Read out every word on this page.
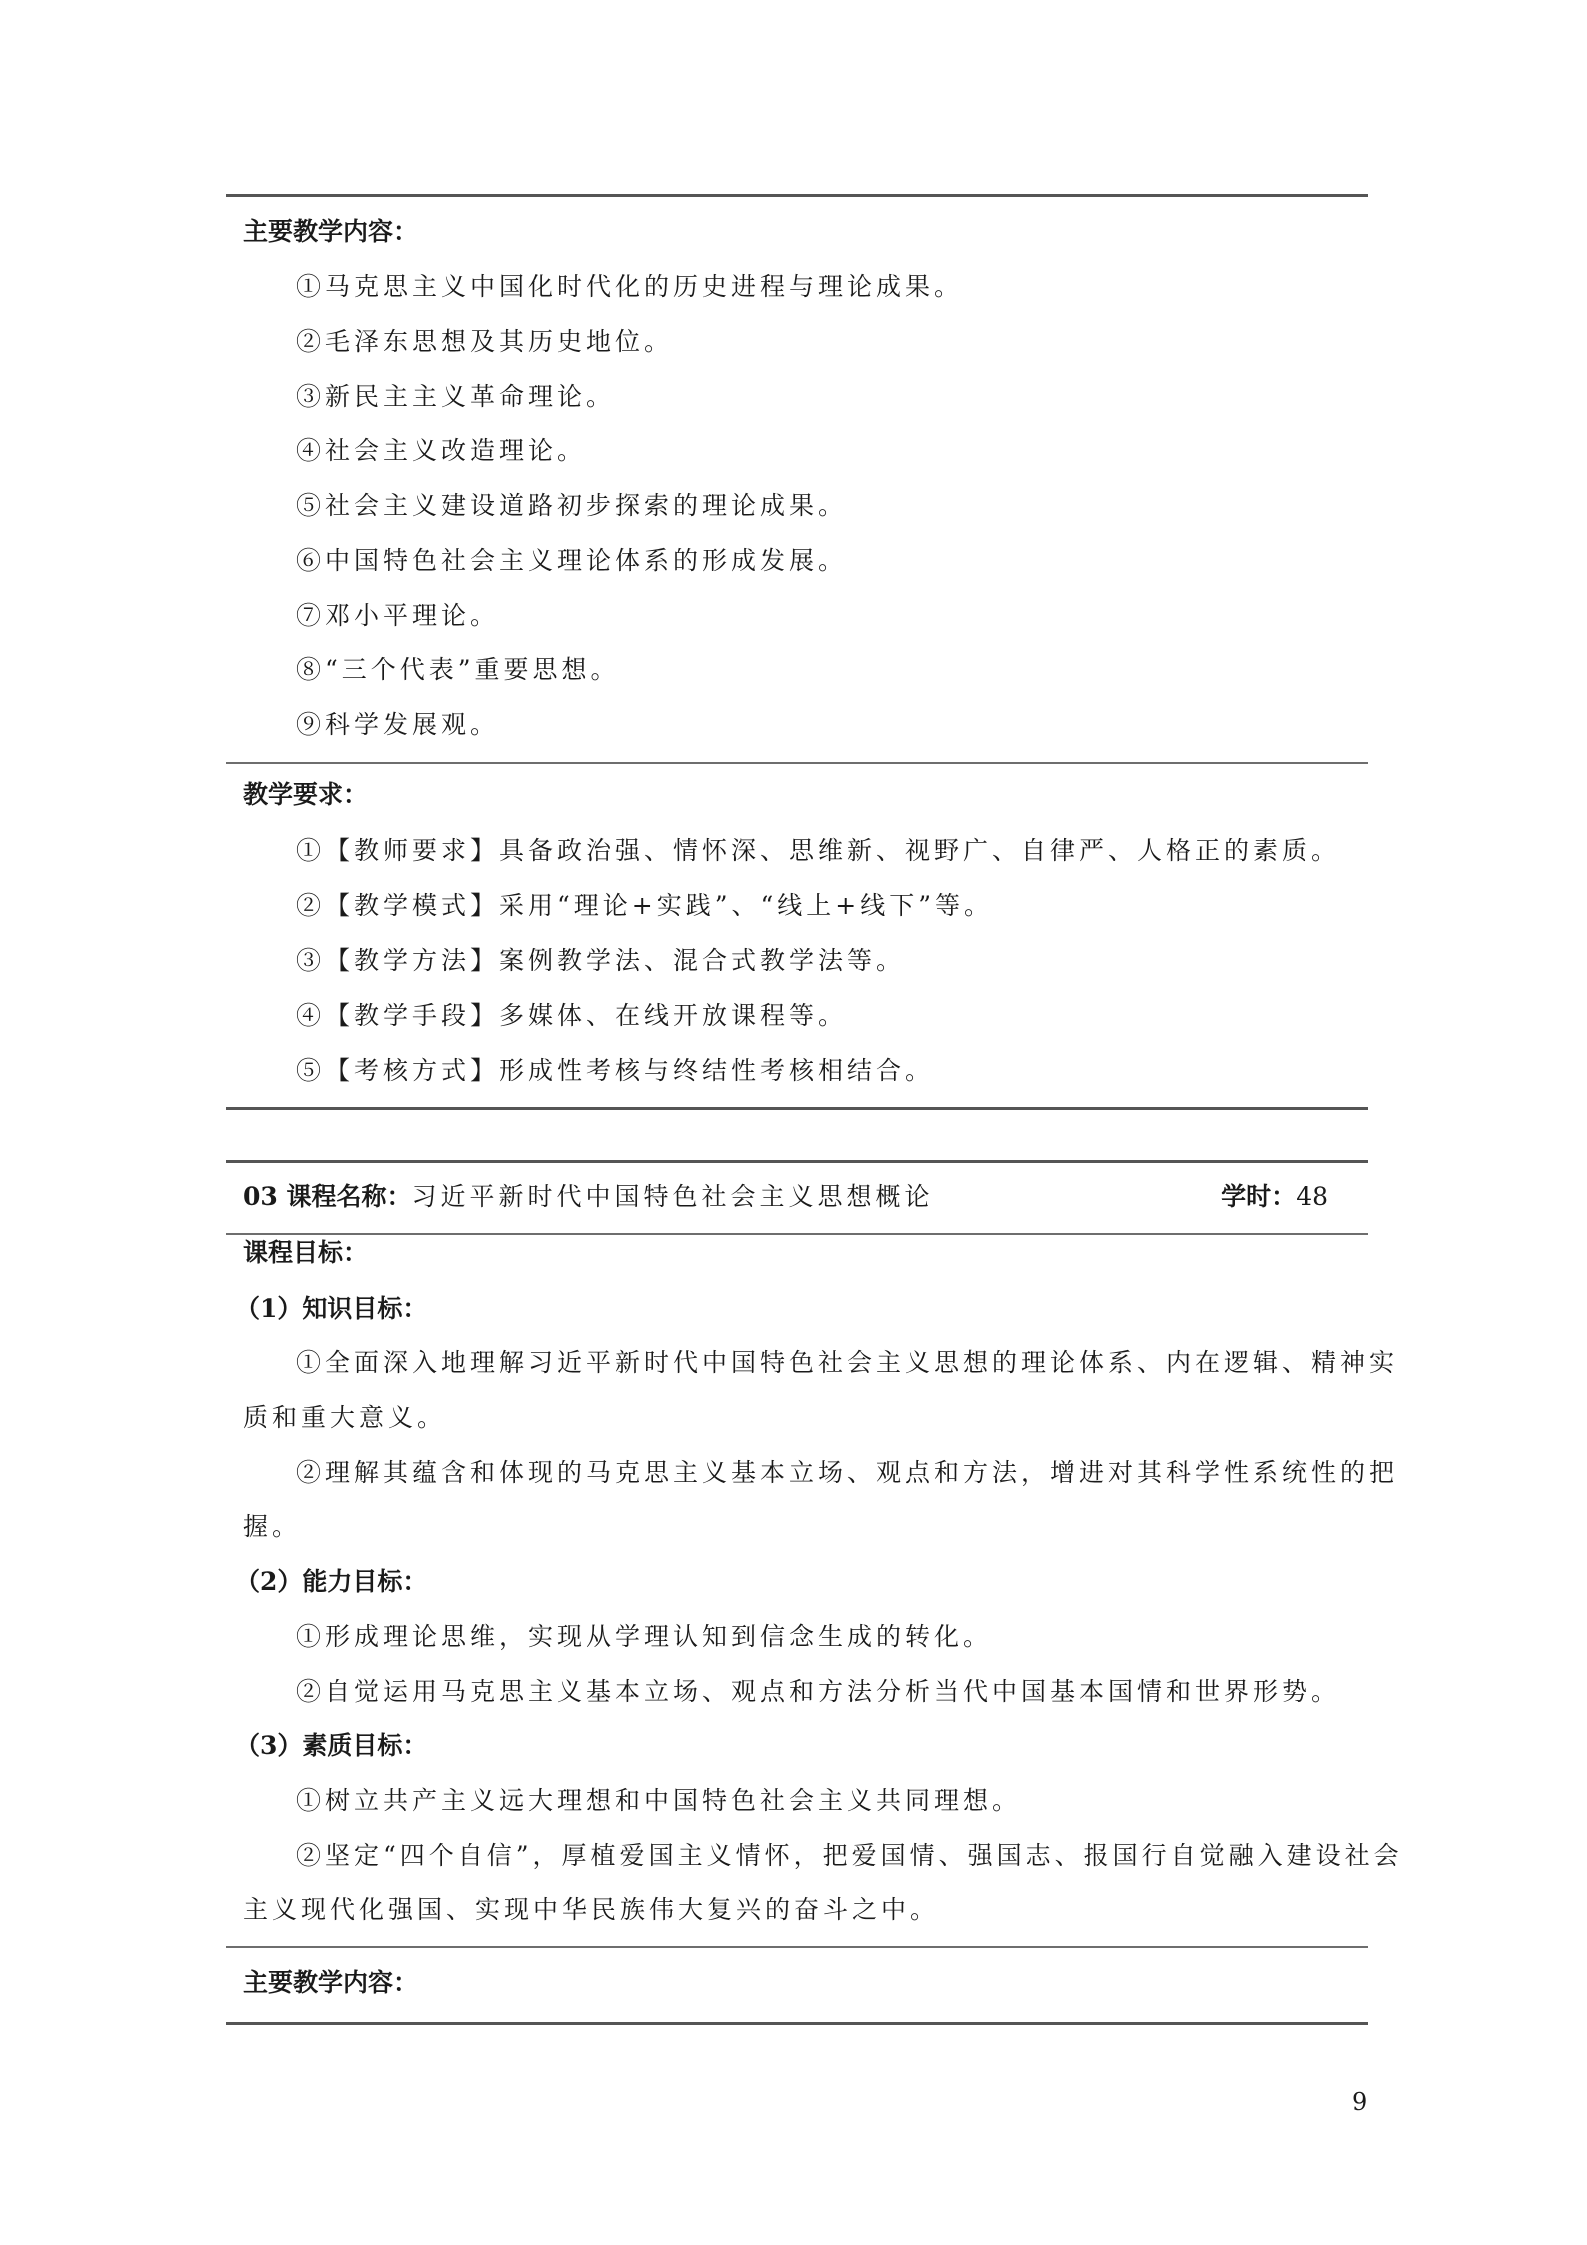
主要教学内容：
①马克思主义中国化时代化的历史进程与理论成果。
②毛泽东思想及其历史地位。
③新民主主义革命理论。
④社会主义改造理论。
⑤社会主义建设道路初步探索的理论成果。
⑥中国特色社会主义理论体系的形成发展。
⑦邓小平理论。
⑧“三个代表”重要思想。
⑨科学发展观。
教学要求：
①【教师要求】具备政治强、情怀深、思维新、视野广、自律严、人格正的素质。
②【教学模式】采用“理论+实践”、“线上+线下”等。
③【教学方法】案例教学法、混合式教学法等。
④【教学手段】多媒体、在线开放课程等。
⑤【考核方式】形成性考核与终结性考核相结合。
03 课程名称：习近平新时代中国特色社会主义思想概论	学时：48
课程目标：
（1）知识目标：
①全面深入地理解习近平新时代中国特色社会主义思想的理论体系、内在逻辑、精神实
质和重大意义。
②理解其蕴含和体现的马克思主义基本立场、观点和方法，增进对其科学性系统性的把
握。
（2）能力目标：
①形成理论思维，实现从学理认知到信念生成的转化。
②自觉运用马克思主义基本立场、观点和方法分析当代中国基本国情和世界形势。
（3）素质目标：
①树立共产主义远大理想和中国特色社会主义共同理想。
②坚定“四个自信”，厚植爱国主义情怀，把爱国情、强国志、报国行自觉融入建设社会
主义现代化强国、实现中华民族伟大复兴的奋斗之中。
主要教学内容：
9
